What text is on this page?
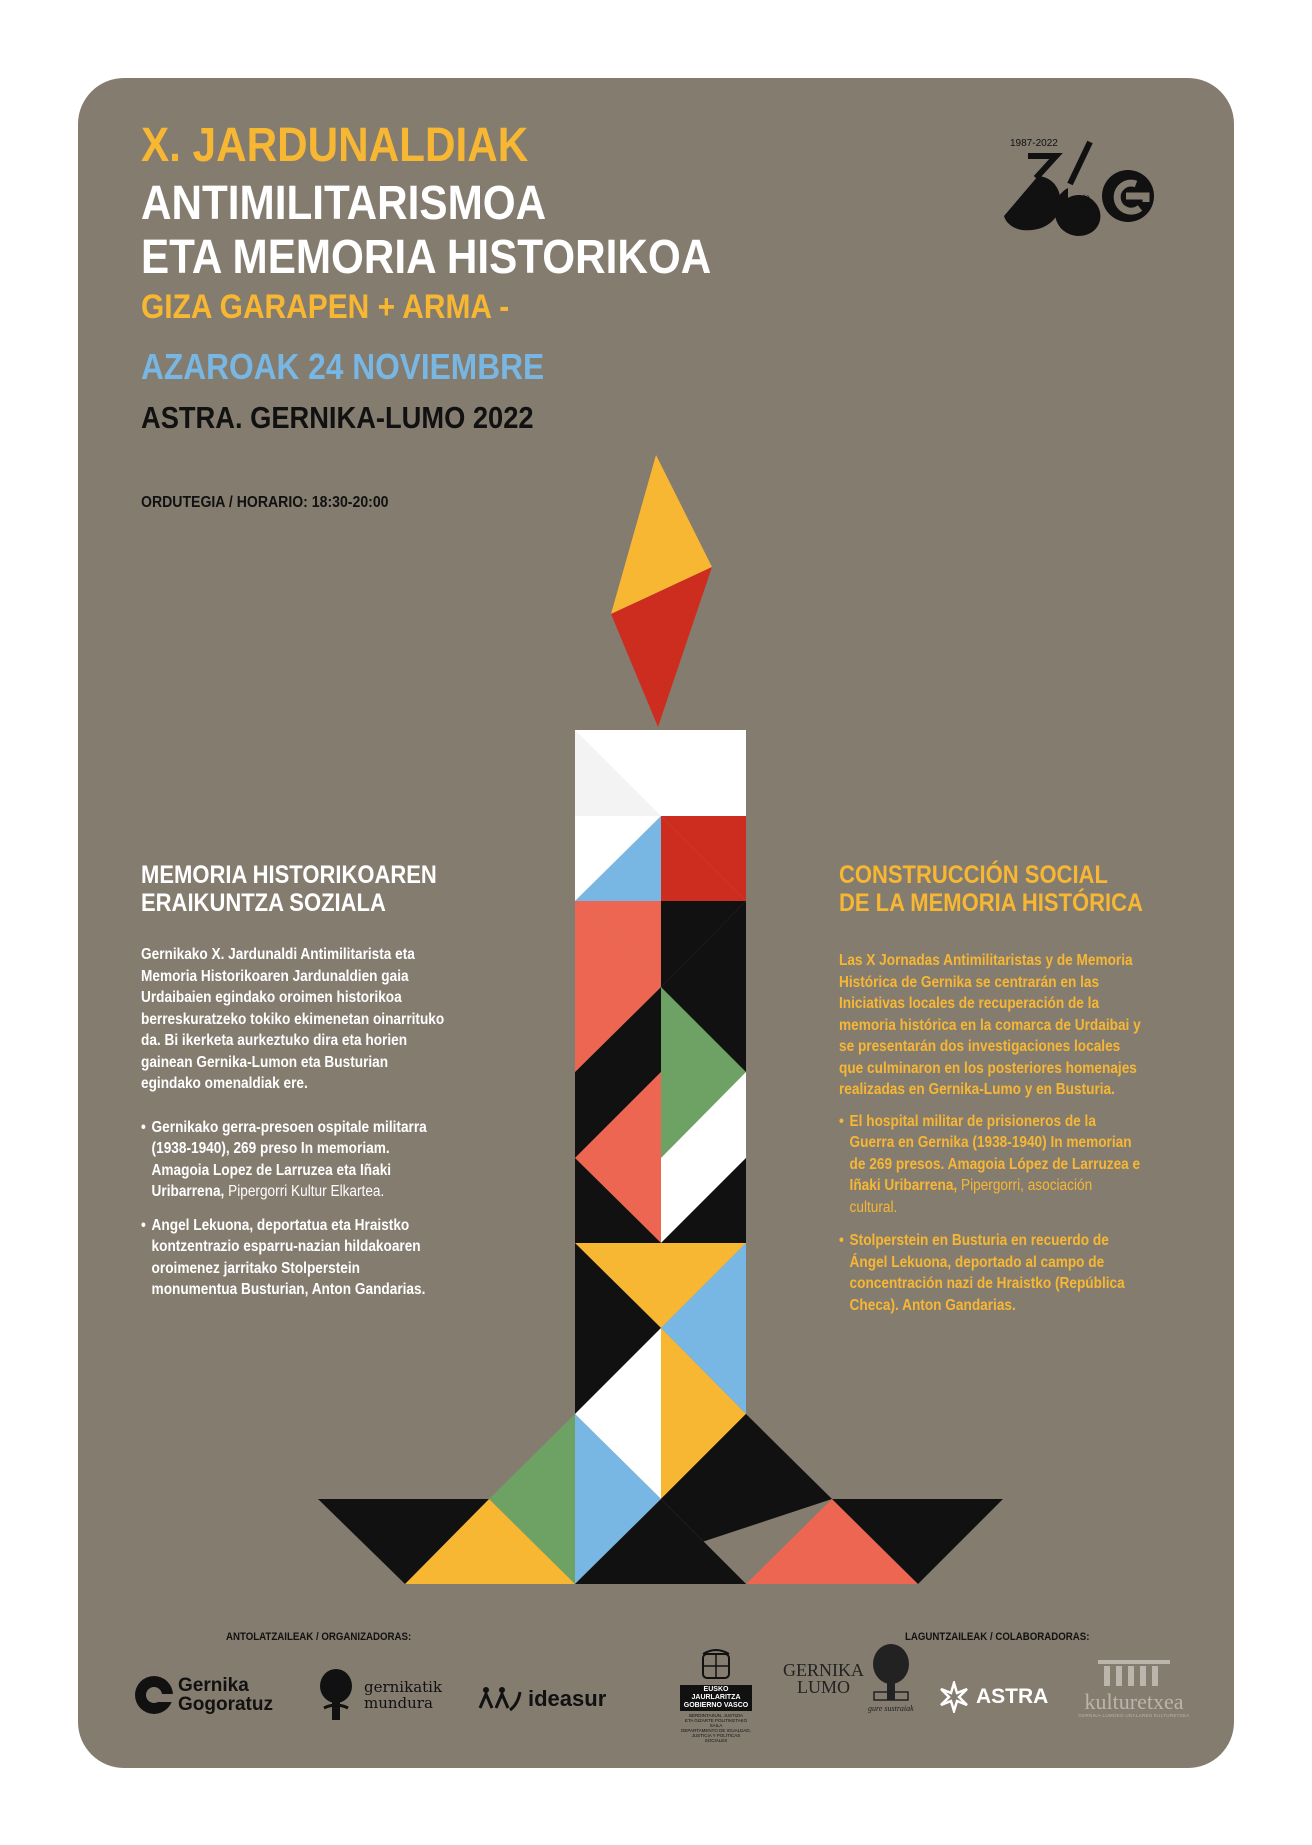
X. JARDUNALDIAK
ANTIMILITARISMOA
ETA MEMORIA HISTORIKOA
GIZA GARAPEN + ARMA -
AZAROAK 24 NOVIEMBRE
ASTRA. GERNIKA-LUMO 2022
ORDUTEGIA / HORARIO: 18:30-20:00
1987-2022
urte
años
years
MEMORIA HISTORIKOAREN
ERAIKUNTZA SOZIALA

Gernikako X. Jardunaldi Antimilitarista eta Memoria Historikoaren Jardunaldien gaia Urdaibaien egindako oroimen historikoa berreskuratzeko tokiko ekimenetan oinarrituko da. Bi ikerketa aurkeztuko dira eta horien gainean Gernika-Lumon eta Busturian egindako omenaldiak ere.

• Gernikako gerra-presoen ospitale militarra (1938-1940), 269 preso In memoriam. Amagoia Lopez de Larruzea eta Iñaki Uribarrena, Pipergorri Kultur Elkartea.

• Angel Lekuona, deportatua eta Hraistko kontzentrazio esparru-nazian hildakoaren oroimenez jarritako Stolperstein monumentua Busturian, Anton Gandarias.

CONSTRUCCIÓN SOCIAL
DE LA MEMORIA HISTÓRICA

Las X Jornadas Antimilitaristas y de Memoria Histórica de Gernika se centrarán en las Iniciativas locales de recuperación de la memoria histórica en la comarca de Urdaibai y se presentarán dos investigaciones locales que culminaron en los posteriores homenajes realizadas en Gernika-Lumo y en Busturia.

• El hospital militar de prisioneros de la Guerra en Gernika (1938-1940) In memorian de 269 presos. Amagoia López de Larruzea e Iñaki Uribarrena, Pipergorri, asociación cultural.

• Stolperstein en Busturia en recuerdo de Ángel Lekuona, deportado al campo de concentración nazi de Hraistko (República Checa). Anton Gandarias.

ANTOLATZAILEAK / ORGANIZADORAS:	LAGUNTZAILEAK / COLABORADORAS:
Gernika
Gogoratuz
gernikatik
mundura	ideasur	EUSKO JAURLARITZA
GOBIERNO VASCO
BERDINTASUN, JUSTIZIA
ETA GIZARTE POLITIKETAKO SAILA
DEPARTAMENTO DE IGUALDAD,
JUSTICIA Y POLÍTICAS SOCIALES
GERNIKA
LUMO
gure sustraiak
ASTRA	kulturetxea
GERNIKA-LUMOKO UDALAREN KULTURETXEA
